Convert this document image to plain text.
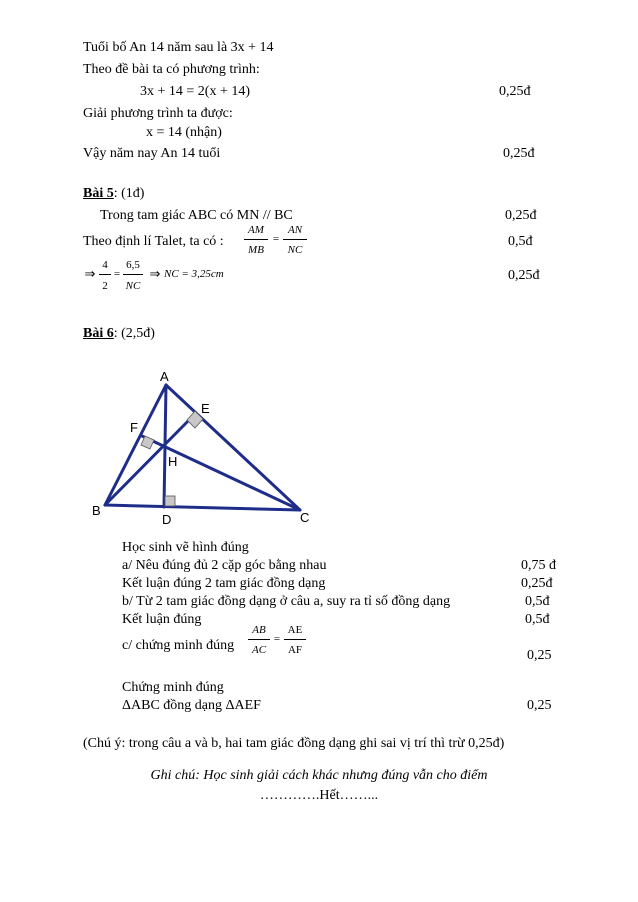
Tuổi bố An 14 năm sau là 3x + 14
Theo đề bài ta có phương trình:
3x + 14 = 2(x + 14)	0,25đ
Giải phương trình ta được:
x = 14 (nhận)
Vậy năm nay An 14 tuổi	0,25đ
Bài 5: (1đ)
Trong tam giác ABC có MN // BC	0,25đ
Theo định lí Talet, ta có :
AM
MB
=
AN
NC
0,5đ
⇒
4
2
=
6,5
NC
⇒ NC = 3,25cm	0,25đ
Bài 6: (2,5đ)
A
B	C
D
E
F
H
Học sinh vẽ hình đúng
a/ Nêu đúng đủ 2 cặp góc bằng nhau	0,75 đ
Kết luận đúng 2 tam giác đồng dạng	0,25đ
b/ Từ 2 tam giác đồng dạng ở câu a, suy ra tỉ số đồng dạng	0,5đ
Kết luận đúng	0,5đ
c/ chứng minh đúng
AB
AC
=
AE
AF	0,25
Chứng minh đúng
ΔABC đồng dạng ΔAEF	0,25
(Chú ý: trong câu a và b, hai tam giác đồng dạng ghi sai vị trí thì trừ 0,25đ)
Ghi chú: Học sinh giải cách khác nhưng đúng vẫn cho điểm
………….Hết……...
